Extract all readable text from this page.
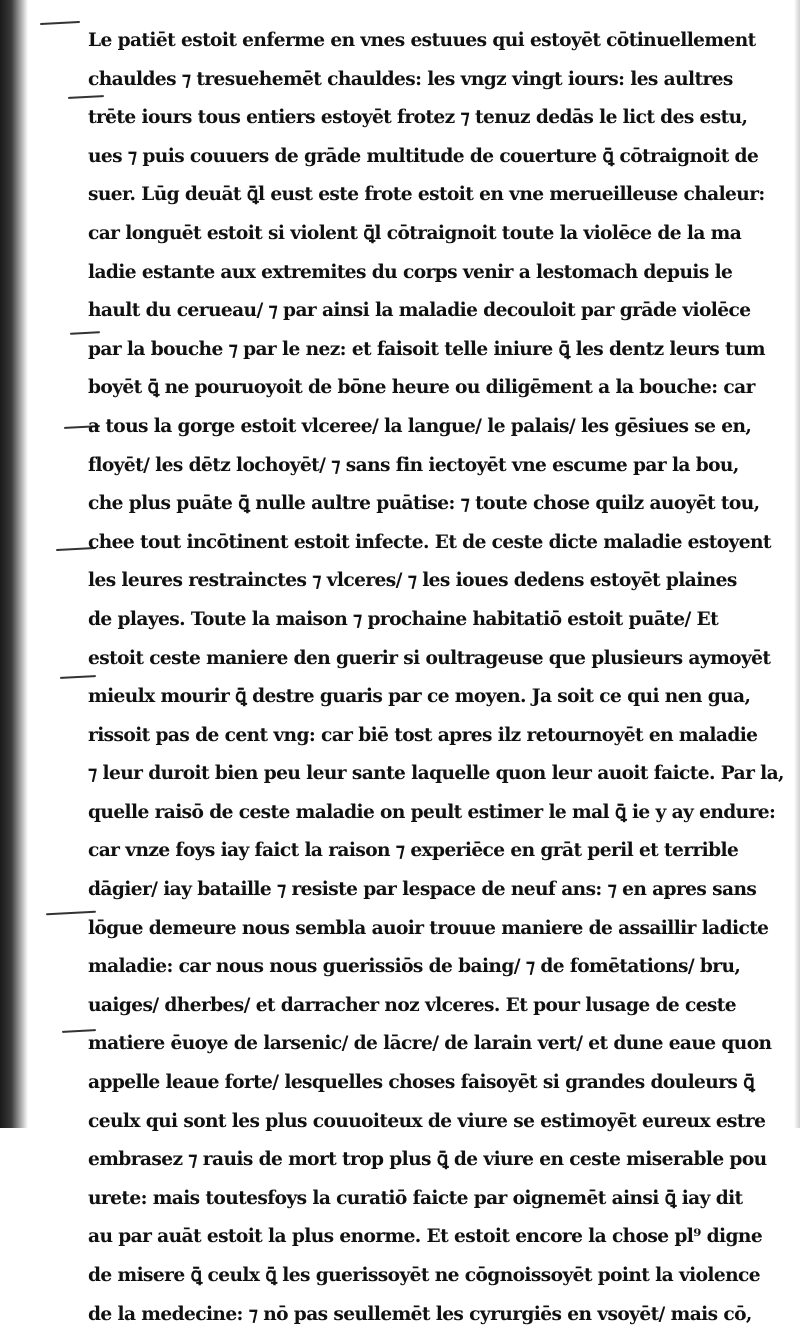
Le patiēt estoit enferme en vnes estuues qui estoyēt cōtinuellement
chauldes ⁊ tresuehemēt chauldes: les vngz vingt iours: les aultres
trēte iours tous entiers estoyēt frotez ⁊ tenuz dedās le lict des estu,
ues ⁊ puis couuers de grāde multitude de couerture ꝗ̄ cōtraignoit de
suer. Lūg deuāt ꝗ̄l eust este frote estoit en vne merueilleuse chaleur:
car longuēt estoit si violent ꝗ̄l cōtraignoit toute la violēce de la ma
ladie estante aux extremites du corps venir a lestomach depuis le
hault du cerueau/ ⁊ par ainsi la maladie decouloit par grāde violēce
par la bouche ⁊ par le nez: et faisoit telle iniure ꝗ̄ les dentz leurs tum
boyēt ꝗ̄ ne pouruoyoit de bōne heure ou diligēment a la bouche: car
a tous la gorge estoit vlceree/ la langue/ le palais/ les gēsiues se en,
floyēt/ les dētz lochoyēt/ ⁊ sans fin iectoyēt vne escume par la bou,
che plus puāte ꝗ̄ nulle aultre puātise: ⁊ toute chose quilz auoyēt tou,
chee tout incōtinent estoit infecte. Et de ceste dicte maladie estoyent
les leures restrainctes ⁊ vlceres/ ⁊ les ioues dedens estoyēt plaines
de playes. Toute la maison ⁊ prochaine habitatiō estoit puāte/ Et
estoit ceste maniere den guerir si oultrageuse que plusieurs aymoyēt
mieulx mourir ꝗ̄ destre guaris par ce moyen. Ja soit ce qui nen gua,
rissoit pas de cent vng: car biē tost apres ilz retournoyēt en maladie
⁊ leur duroit bien peu leur sante laquelle quon leur auoit faicte. Par la,
quelle raisō de ceste maladie on peult estimer le mal ꝗ̄ ie y ay endure:
car vnze foys iay faict la raison ⁊ experiēce en grāt peril et terrible
dāgier/ iay bataille ⁊ resiste par lespace de neuf ans: ⁊ en apres sans
lōgue demeure nous sembla auoir trouue maniere de assaillir ladicte
maladie: car nous nous guerissiōs de baing/ ⁊ de fomētations/ bru,
uaiges/ dherbes/ et darracher noz vlceres. Et pour lusage de ceste
matiere ēuoye de larsenic/ de lācre/ de larain vert/ et dune eaue quon
appelle leaue forte/ lesquelles choses faisoyēt si grandes douleurs ꝗ̄
ceulx qui sont les plus couuoiteux de viure se estimoyēt eureux estre
embrasez ⁊ rauis de mort trop plus ꝗ̄ de viure en ceste miserable pou
urete: mais toutesfoys la curatiō faicte par oignemēt ainsi ꝗ̄ iay dit
au par auāt estoit la plus enorme. Et estoit encore la chose pl⁹ digne
de misere ꝗ̄ ceulx ꝗ̄ les guerissoyēt ne cōgnoissoyēt point la violence
de la medecine: ⁊ nō pas seullemēt les cyrurgiēs en vsoyēt/ mais cō,
